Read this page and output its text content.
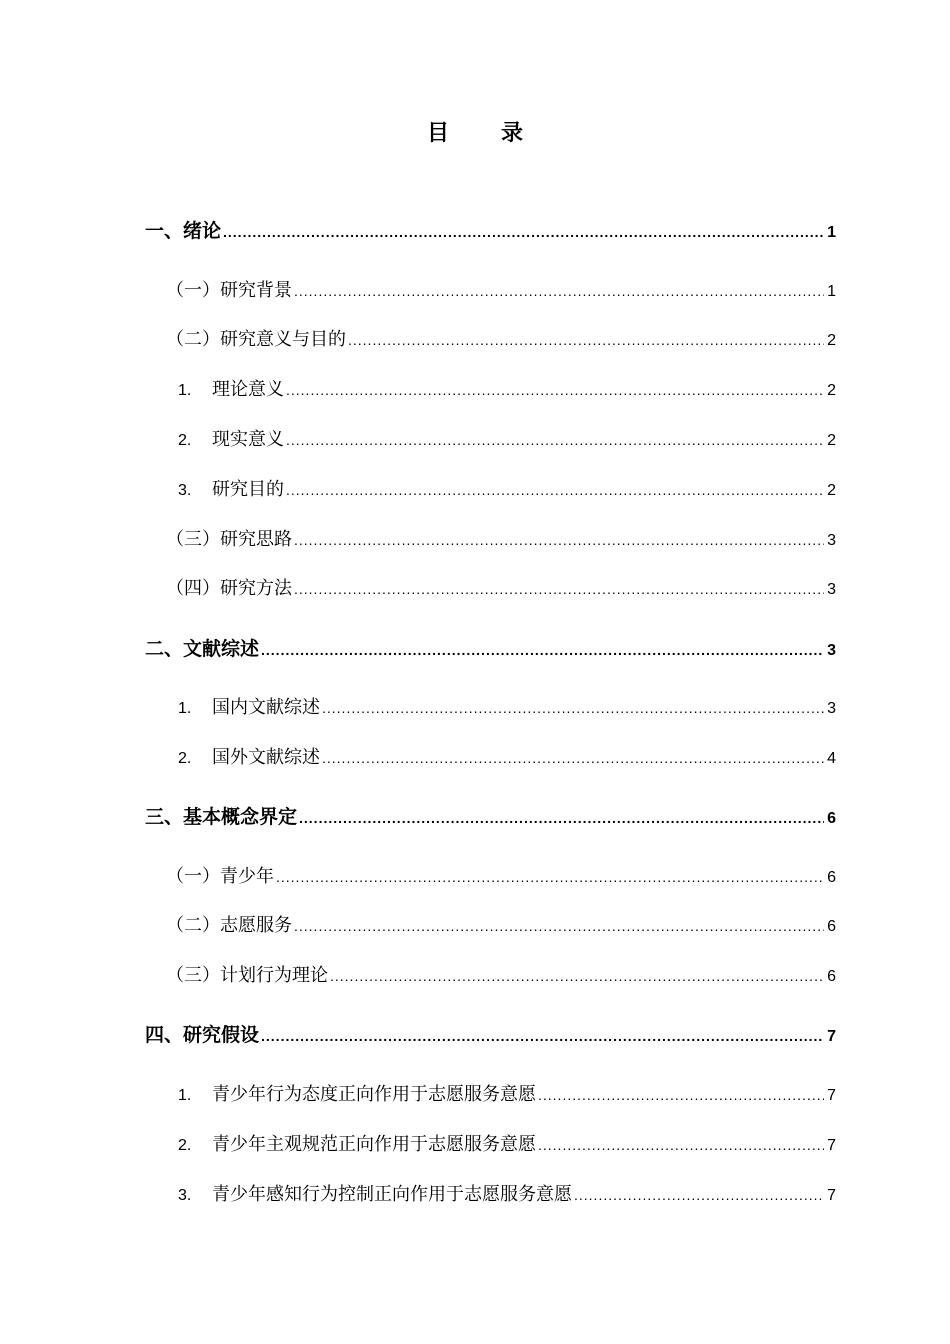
目 录
一、绪论 .....	1
（一）研究背景 .....	1
（二）研究意义与目的 .....	2
1.	理论意义 .....	2
2.	现实意义 .....	2
3.	研究目的 .....	2
（三）研究思路 .....	3
（四）研究方法 .....	3
二、文献综述 .....	3
1.	国内文献综述 .....	3
2.	国外文献综述 .....	4
三、基本概念界定 .....	6
（一）青少年 .....	6
（二）志愿服务 .....	6
（三）计划行为理论 .....	6
四、研究假设 .....	7
1.	青少年行为态度正向作用于志愿服务意愿 .....	7
2.	青少年主观规范正向作用于志愿服务意愿 .....	7
3.	青少年感知行为控制正向作用于志愿服务意愿 .....	7
